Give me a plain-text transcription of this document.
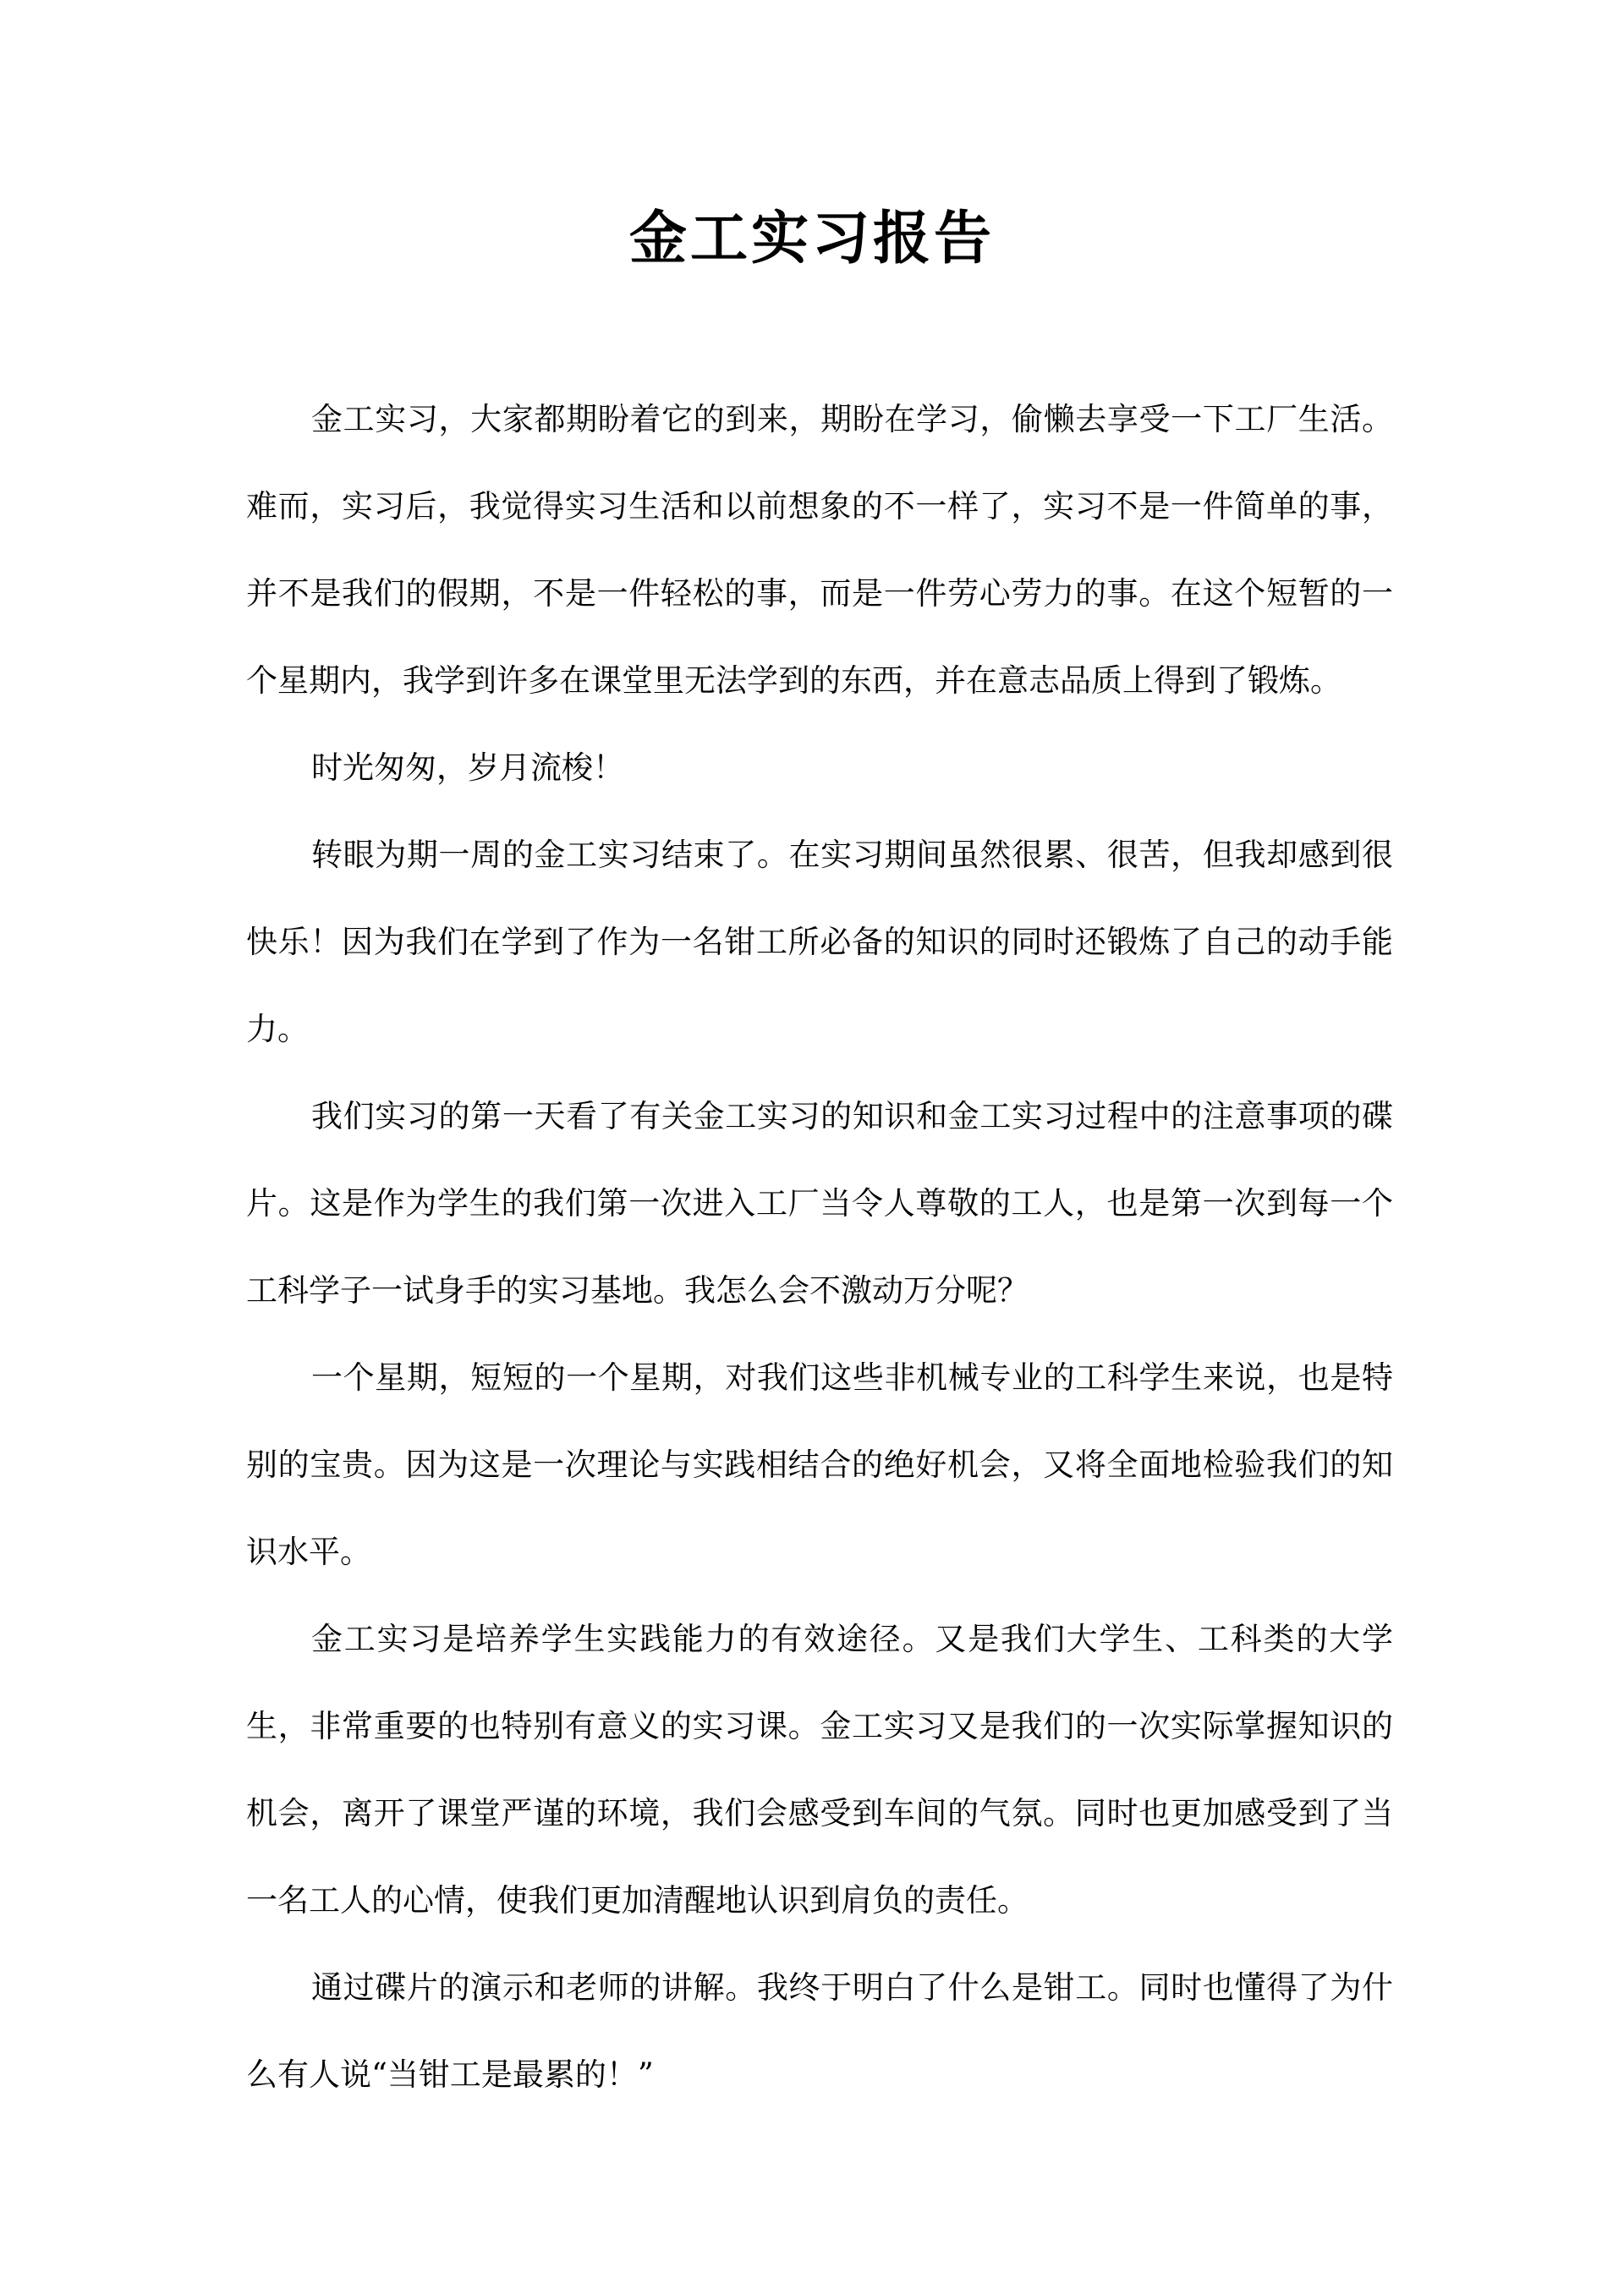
金工实习报告

金工实习，大家都期盼着它的到来，期盼在学习，偷懒去享受一下工厂生活。难而，实习后，我觉得实习生活和以前想象的不一样了，实习不是一件简单的事，并不是我们的假期，不是一件轻松的事，而是一件劳心劳力的事。在这个短暂的一个星期内，我学到许多在课堂里无法学到的东西，并在意志品质上得到了锻炼。

时光匆匆，岁月流梭！

转眼为期一周的金工实习结束了。在实习期间虽然很累、很苦，但我却感到很快乐！因为我们在学到了作为一名钳工所必备的知识的同时还锻炼了自己的动手能力。

我们实习的第一天看了有关金工实习的知识和金工实习过程中的注意事项的碟片。这是作为学生的我们第一次进入工厂当令人尊敬的工人，也是第一次到每一个工科学子一试身手的实习基地。我怎么会不激动万分呢？

一个星期，短短的一个星期，对我们这些非机械专业的工科学生来说，也是特别的宝贵。因为这是一次理论与实践相结合的绝好机会，又将全面地检验我们的知识水平。

金工实习是培养学生实践能力的有效途径。又是我们大学生、工科类的大学生，非常重要的也特别有意义的实习课。金工实习又是我们的一次实际掌握知识的机会，离开了课堂严谨的环境，我们会感受到车间的气氛。同时也更加感受到了当一名工人的心情，使我们更加清醒地认识到肩负的责任。

通过碟片的演示和老师的讲解。我终于明白了什么是钳工。同时也懂得了为什么有人说“当钳工是最累的！”
